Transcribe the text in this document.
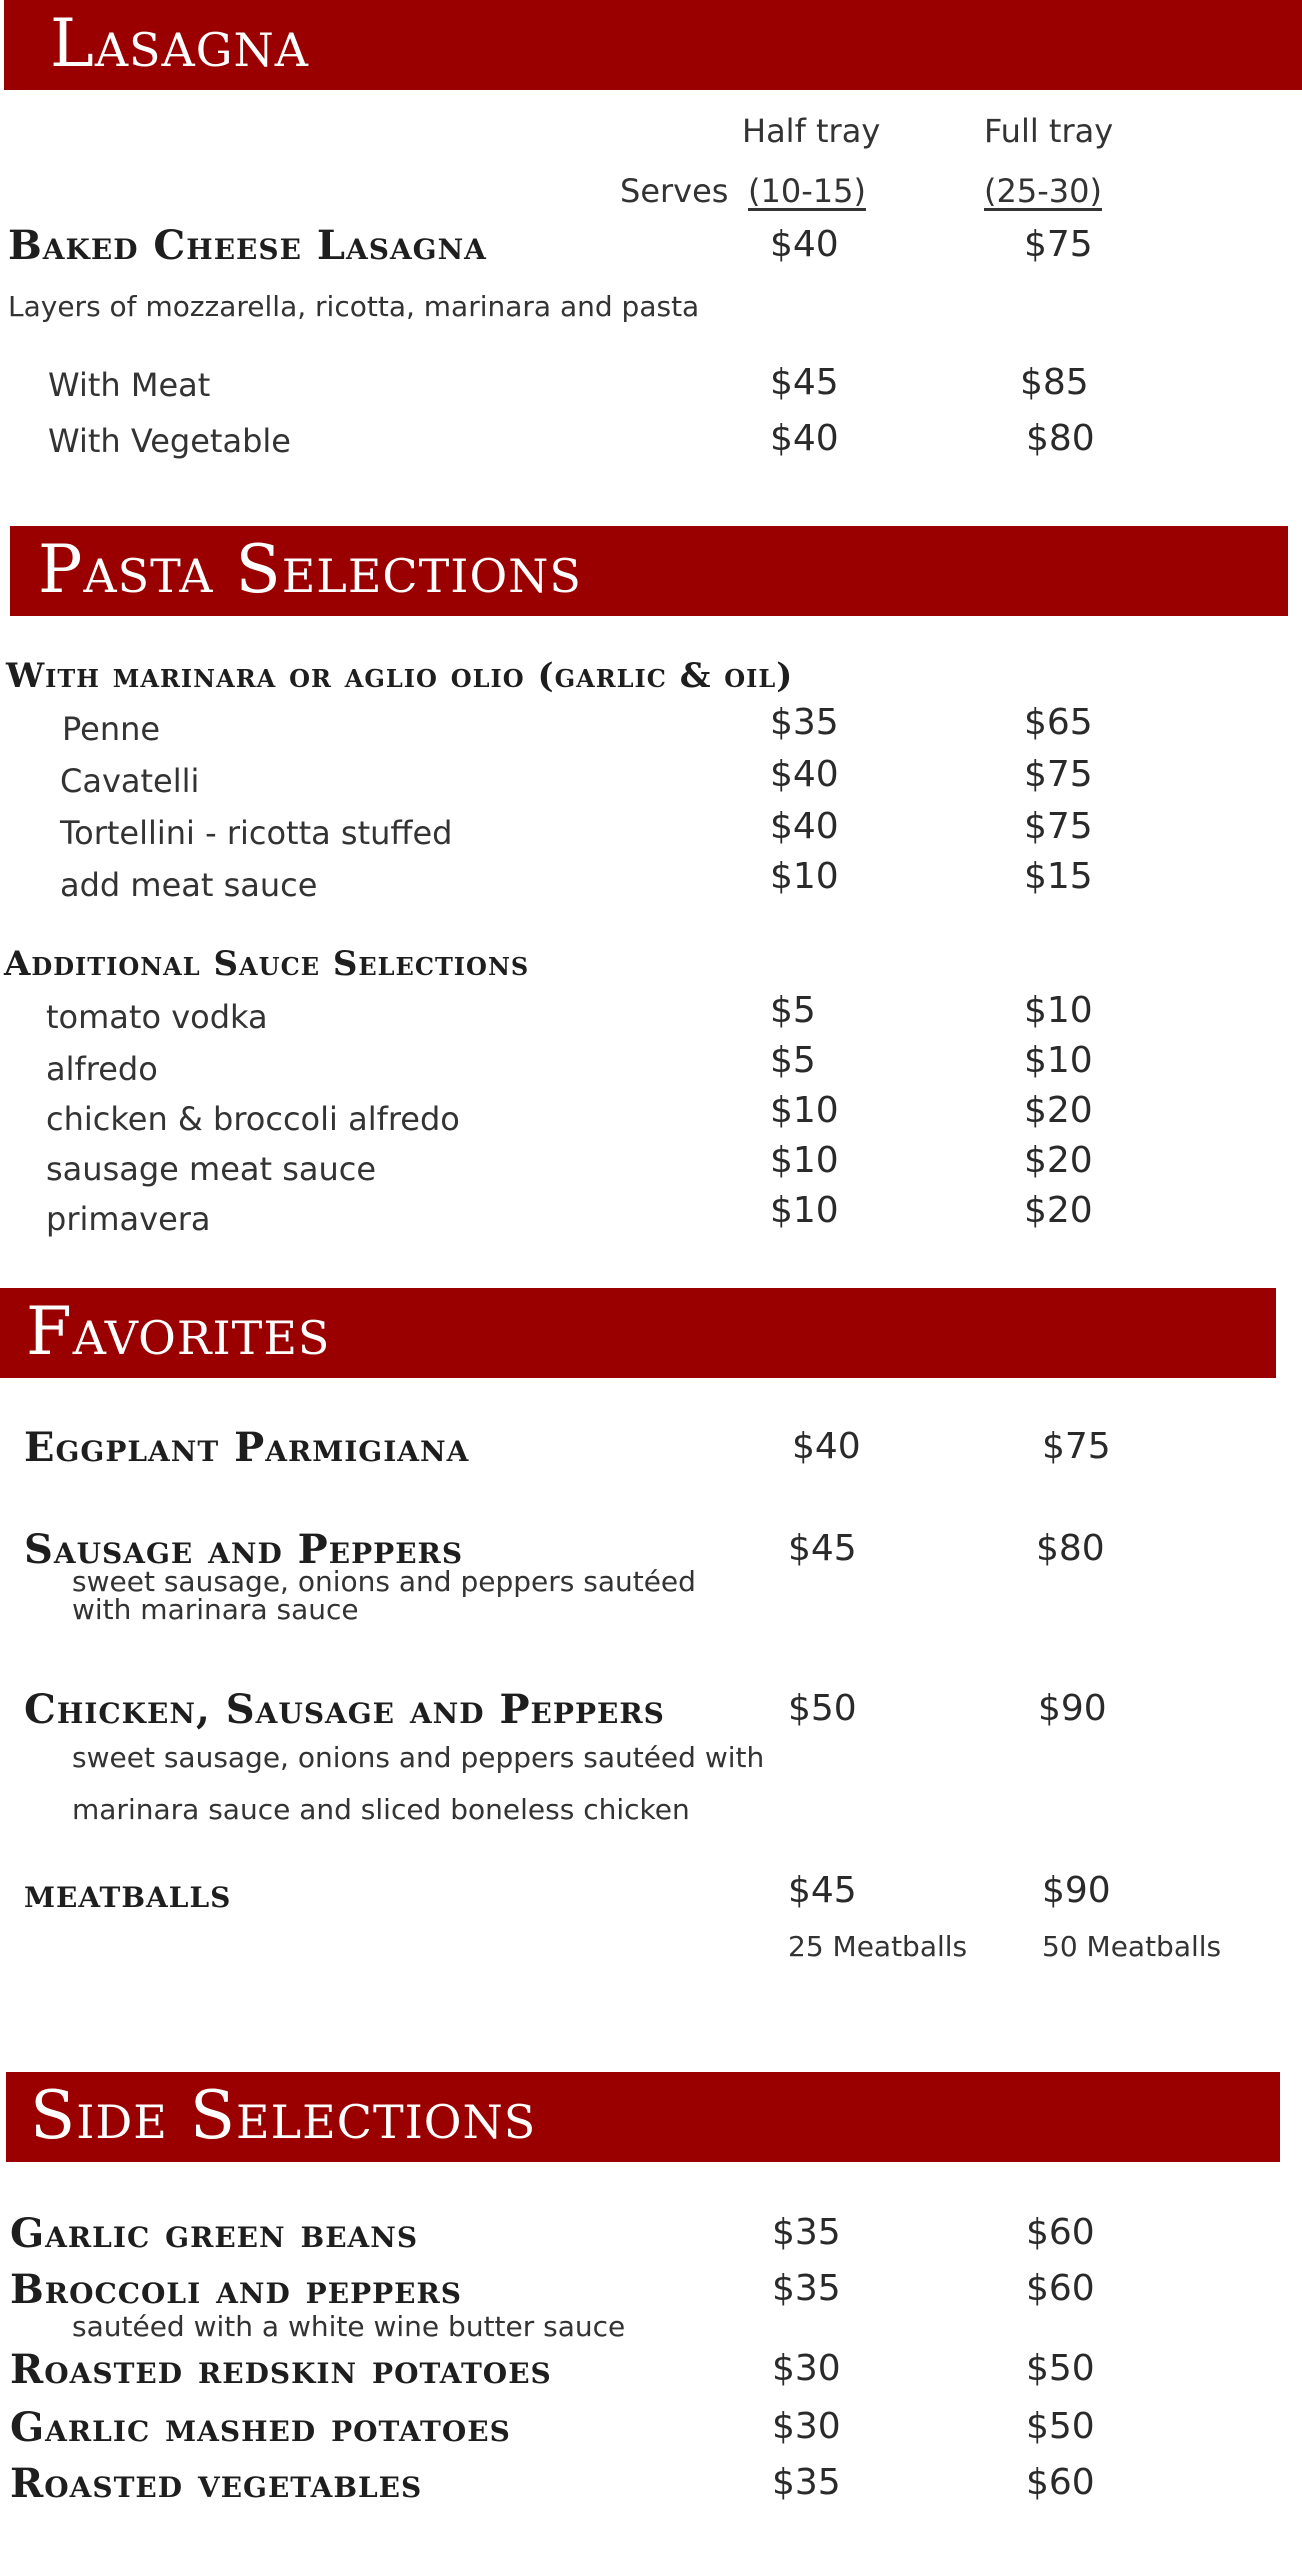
Lasagna
Half tray	Full tray
Serves (10-15)	(25-30)
Baked Cheese Lasagna	$40	$75
Layers of mozzarella, ricotta, marinara and pasta
With Meat	$45	$85
With Vegetable	$40	$80
Pasta Selections
With marinara or aglio olio (garlic & oil)
Penne	$35	$65
Cavatelli	$40	$75
Tortellini - ricotta stuffed	$40	$75
add meat sauce	$10	$15
Additional Sauce Selections
tomato vodka	$5	$10
alfredo	$5	$10
chicken & broccoli alfredo	$10	$20
sausage meat sauce	$10	$20
primavera	$10	$20
Favorites
Eggplant Parmigiana	$40	$75
Sausage and Peppers	$45	$80
sweet sausage, onions and peppers sautéed with marinara sauce
Chicken, Sausage and Peppers	$50	$90
sweet sausage, onions and peppers sautéed with marinara sauce and sliced boneless chicken
meatballs	$45	$90
25 Meatballs	50 Meatballs
Side Selections
Garlic green beans	$35	$60
Broccoli and peppers	$35	$60
sautéed with a white wine butter sauce
Roasted redskin potatoes	$30	$50
Garlic mashed potatoes	$30	$50
Roasted vegetables	$35	$60
